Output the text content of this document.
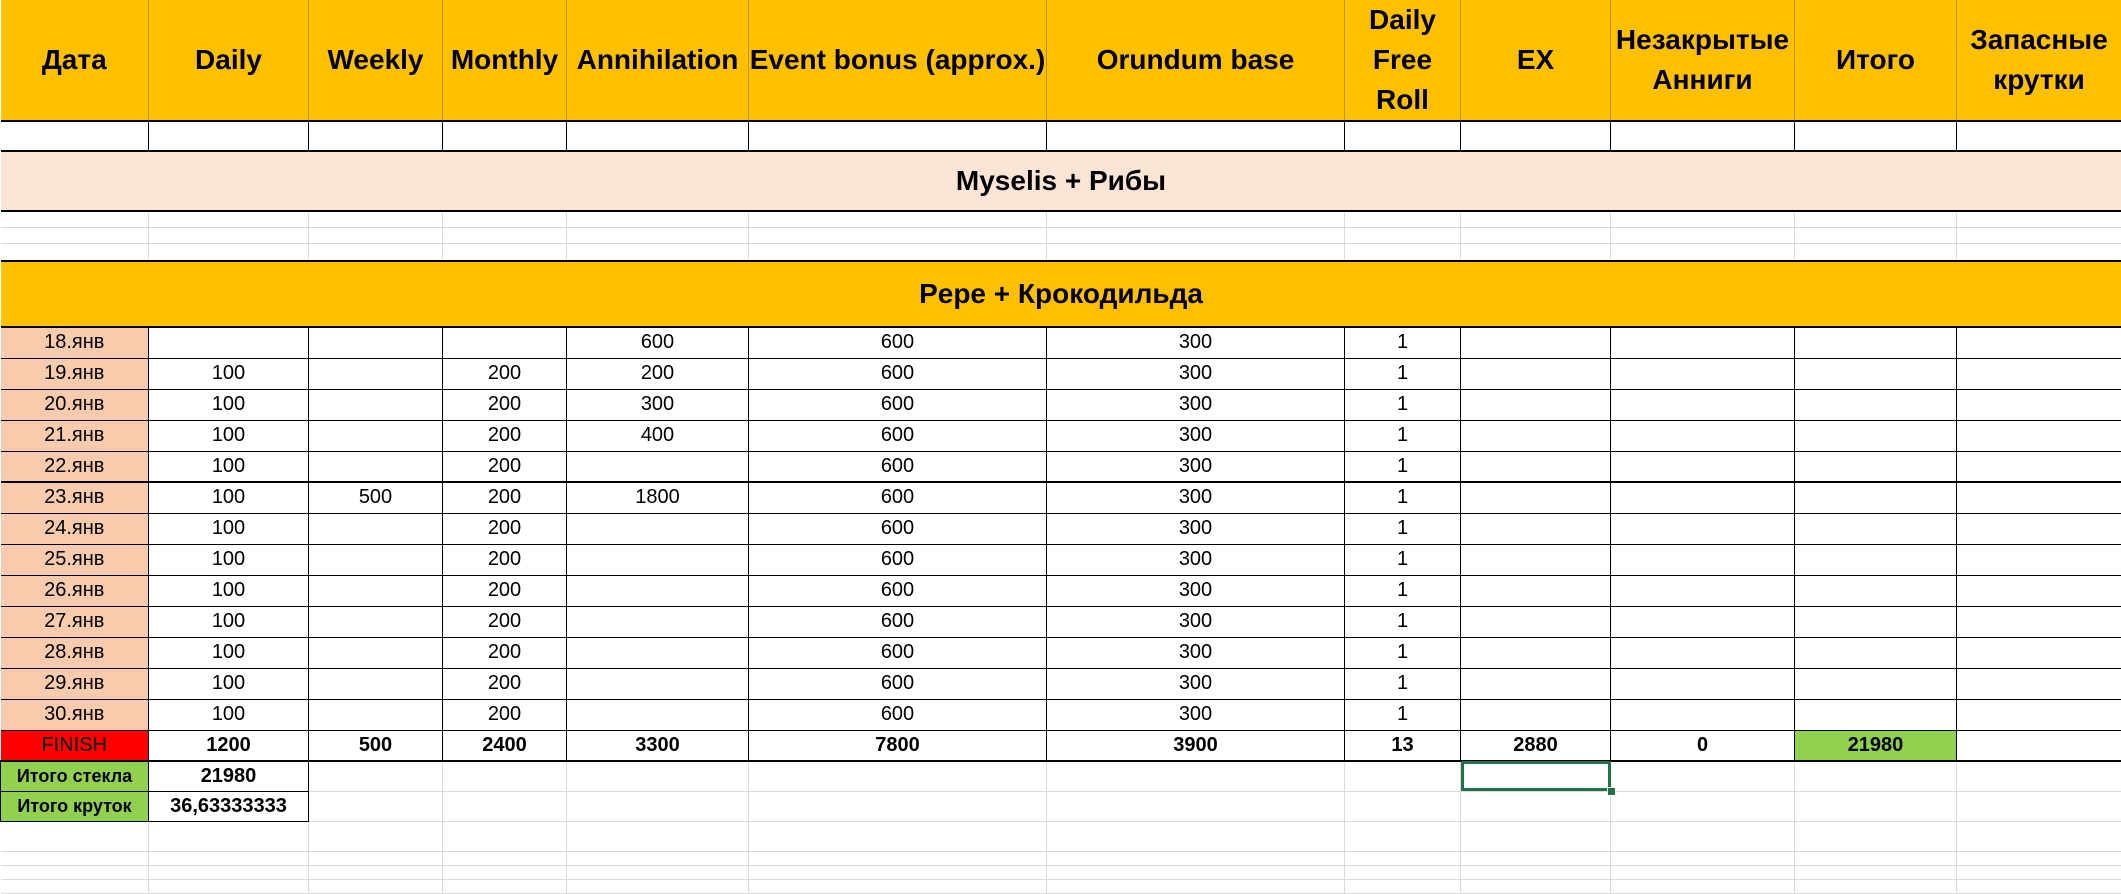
Дата	Daily	Weekly	Monthly	Annihilation	Event bonus (approx.)	Orundum base	Daily Free Roll	EX	Незакрытые Анниги	Итого	Запасные крутки

Myselis + Рибы											

Pepe + Крокодильда											
18.янв				600	600	300	1				
19.янв	100		200	200	600	300	1				
20.янв	100		200	300	600	300	1				
21.янв	100		200	400	600	300	1				
22.янв	100		200		600	300	1				
23.янв	100	500	200	1800	600	300	1				
24.янв	100		200		600	300	1				
25.янв	100		200		600	300	1				
26.янв	100		200		600	300	1				
27.янв	100		200		600	300	1				
28.янв	100		200		600	300	1				
29.янв	100		200		600	300	1				
30.янв	100		200		600	300	1				
FINISH	1200	500	2400	3300	7800	3900	13	2880	0	21980	
Итого стекла	21980										
Итого круток	36,63333333										
